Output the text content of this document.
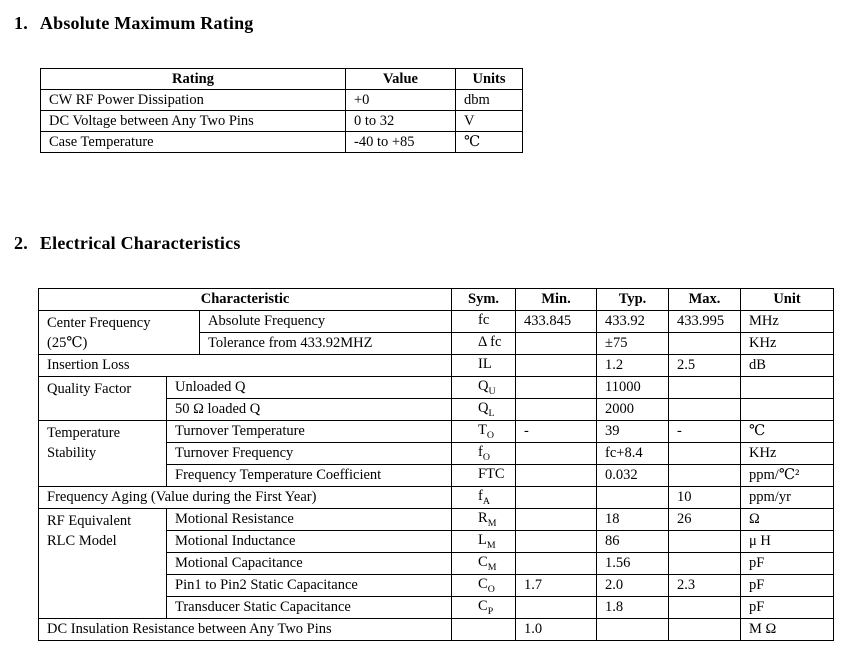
1. Absolute Maximum Rating
Rating	Value	Units
CW RF Power Dissipation	+0	dbm
DC Voltage between Any Two Pins	0 to 32	V
Case Temperature	-40 to +85	℃
2. Electrical Characteristics
Characteristic			Sym.	Min.	Typ.	Max.	Unit
Center Frequency
(25℃)		Absolute Frequency	fc	433.845	433.92	433.995	MHz
		Tolerance from 433.92MHZ	Δ fc		±75		KHz
Insertion Loss			IL		1.2	2.5	dB
Quality Factor	Unloaded Q		$Q_U$		11000		
	50 Ω loaded Q		$Q_L$		2000		
Temperature
Stability	Turnover Temperature		$T_O$	-	39	-	℃
	Turnover Frequency		$f_O$		fc+8.4		KHz
	Frequency Temperature Coefficient		FTC		0.032		ppm/℃²
Frequency Aging (Value during the First Year)			$f_A$			10	ppm/yr
RF Equivalent
RLC Model	Motional Resistance		$R_M$		18	26	Ω
	Motional Inductance		$L_M$		86		μ H
	Motional Capacitance		$C_M$		1.56		pF
	Pin1 to Pin2 Static Capacitance		$C_O$	1.7	2.0	2.3	pF
	Transducer Static Capacitance		$C_P$		1.8		pF
DC Insulation Resistance between Any Two Pins				1.0			M Ω
